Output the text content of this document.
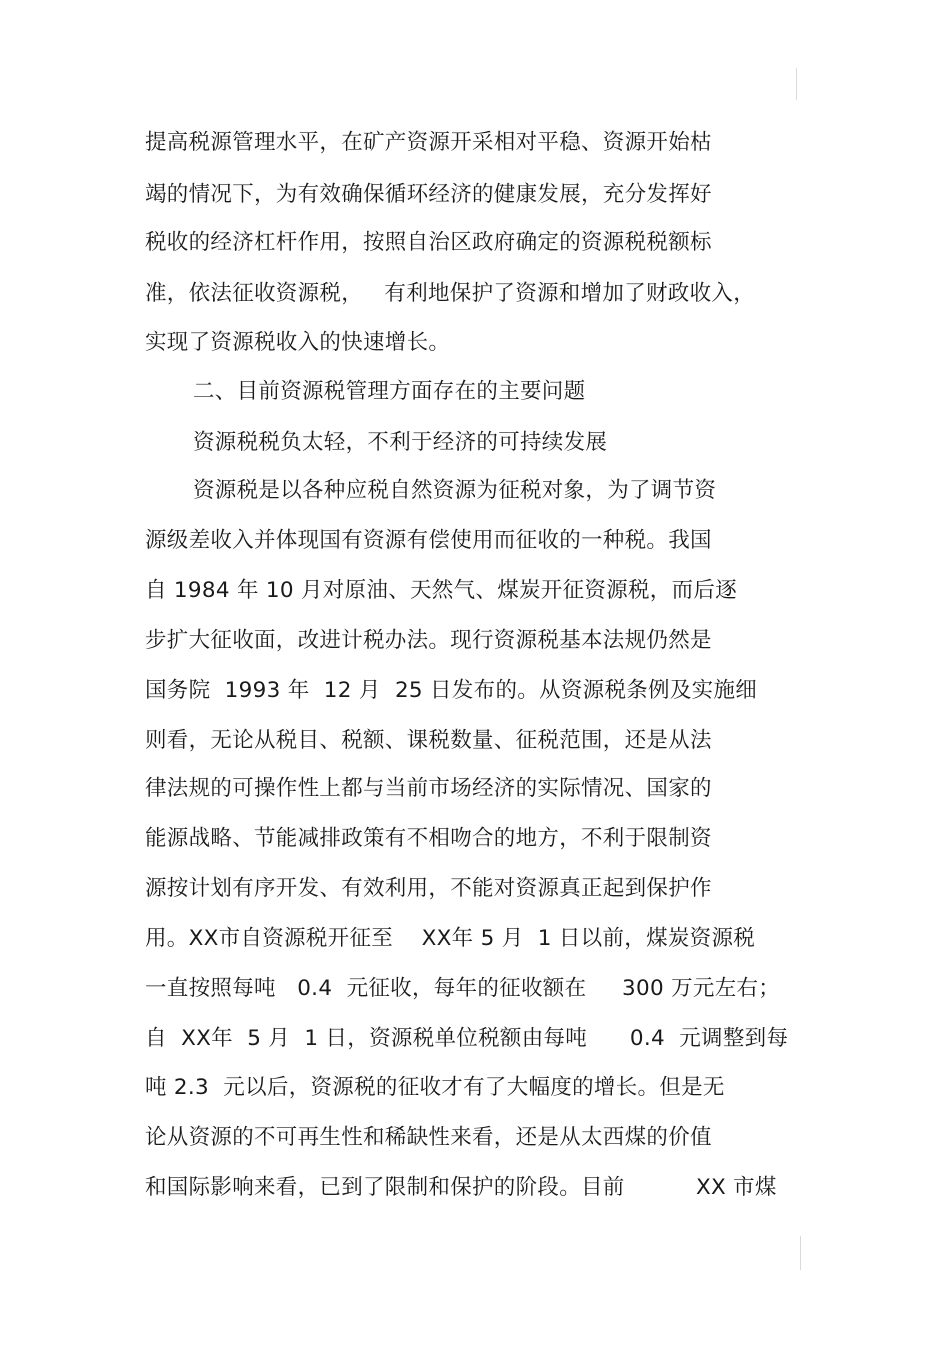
提高税源管理水平，在矿产资源开采相对平稳、资源开始枯
竭的情况下，为有效确保循环经济的健康发展，充分发挥好
税收的经济杠杆作用，按照自治区政府确定的资源税税额标
准，依法征收资源税，   有利地保护了资源和增加了财政收入，
实现了资源税收入的快速增长。
二、目前资源税管理方面存在的主要问题
资源税税负太轻，不利于经济的可持续发展
资源税是以各种应税自然资源为征税对象，为了调节资
源级差收入并体现国有资源有偿使用而征收的一种税。我国
自 1984 年 10 月对原油、天然气、煤炭开征资源税，而后逐
步扩大征收面，改进计税办法。现行资源税基本法规仍然是
国务院  1993 年  12 月  25 日发布的。从资源税条例及实施细
则看，无论从税目、税额、课税数量、征税范围，还是从法
律法规的可操作性上都与当前市场经济的实际情况、国家的
能源战略、节能减排政策有不相吻合的地方，不利于限制资
源按计划有序开发、有效利用，不能对资源真正起到保护作
用。XX市自资源税开征至    XX年 5 月  1 日以前，煤炭资源税
一直按照每吨   0.4  元征收，每年的征收额在     300 万元左右；
自  XX年  5 月  1 日，资源税单位税额由每吨      0.4  元调整到每
吨 2.3  元以后，资源税的征收才有了大幅度的增长。但是无
论从资源的不可再生性和稀缺性来看，还是从太西煤的价值
和国际影响来看，已到了限制和保护的阶段。目前          XX 市煤
